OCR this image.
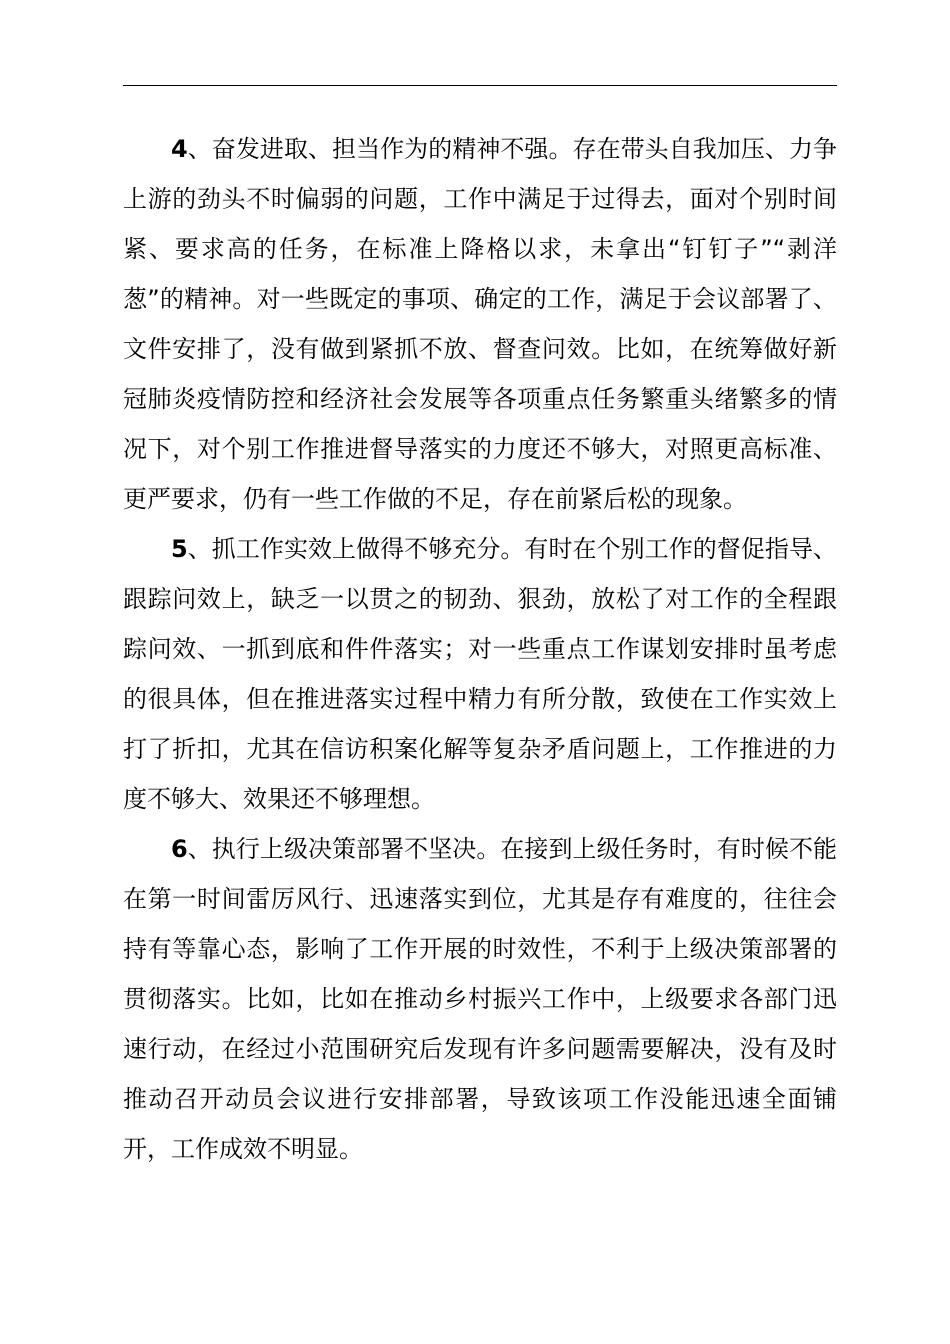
4、奋发进取、担当作为的精神不强。存在带头自我加压、力争上游的劲头不时偏弱的问题，工作中满足于过得去，面对个别时间紧、要求高的任务，在标准上降格以求，未拿出“钉钉子”“剥洋葱”的精神。对一些既定的事项、确定的工作，满足于会议部署了、文件安排了，没有做到紧抓不放、督查问效。比如，在统筹做好新冠肺炎疫情防控和经济社会发展等各项重点任务繁重头绪繁多的情况下，对个别工作推进督导落实的力度还不够大，对照更高标准、更严要求，仍有一些工作做的不足，存在前紧后松的现象。

5、抓工作实效上做得不够充分。有时在个别工作的督促指导、跟踪问效上，缺乏一以贯之的韧劲、狠劲，放松了对工作的全程跟踪问效、一抓到底和件件落实；对一些重点工作谋划安排时虽考虑的很具体，但在推进落实过程中精力有所分散，致使在工作实效上打了折扣，尤其在信访积案化解等复杂矛盾问题上，工作推进的力度不够大、效果还不够理想。

6、执行上级决策部署不坚决。在接到上级任务时，有时候不能在第一时间雷厉风行、迅速落实到位，尤其是存有难度的，往往会持有等靠心态，影响了工作开展的时效性，不利于上级决策部署的贯彻落实。比如，比如在推动乡村振兴工作中，上级要求各部门迅速行动，在经过小范围研究后发现有许多问题需要解决，没有及时推动召开动员会议进行安排部署，导致该项工作没能迅速全面铺开，工作成效不明显。
